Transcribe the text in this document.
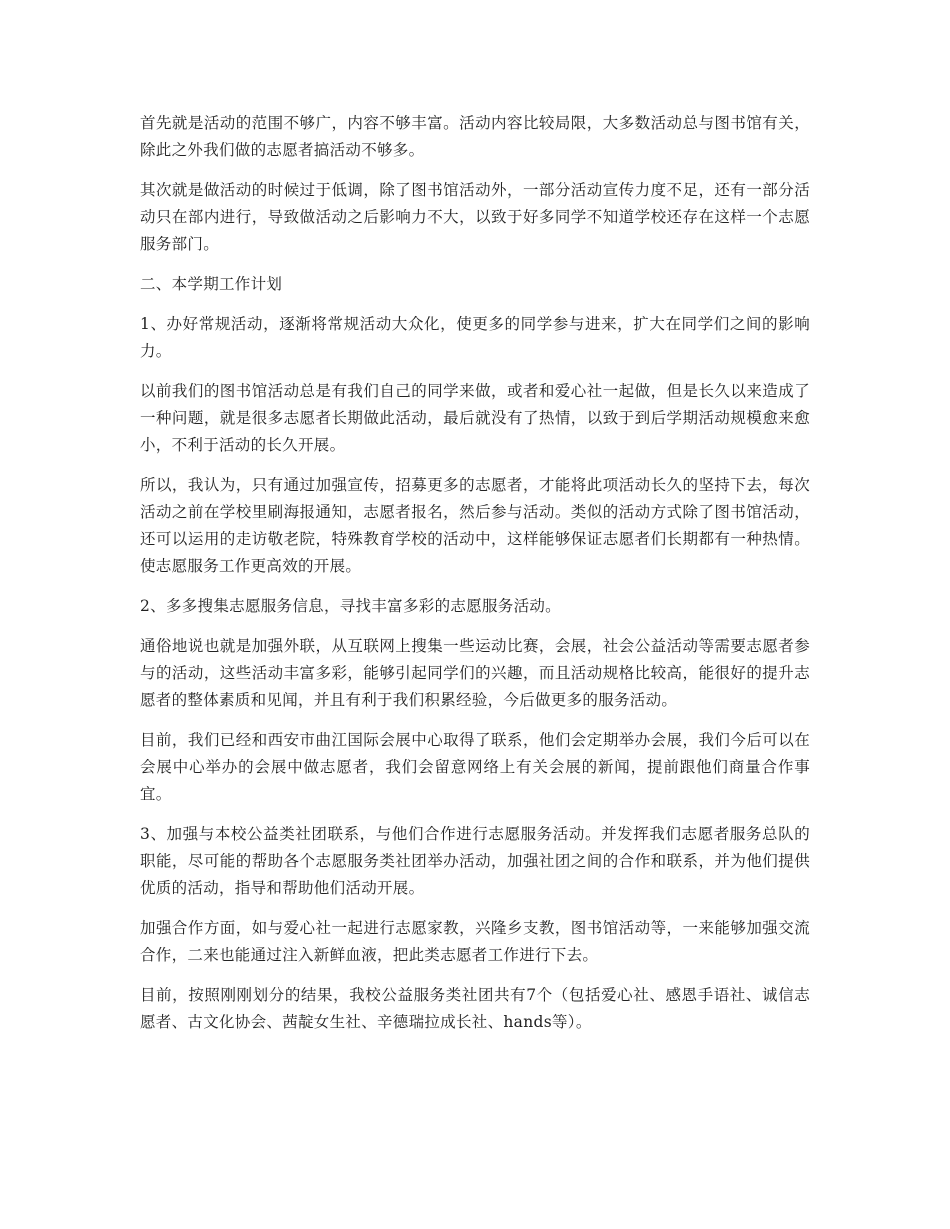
首先就是活动的范围不够广，内容不够丰富。活动内容比较局限，大多数活动总与图书馆有关，除此之外我们做的志愿者搞活动不够多。

其次就是做活动的时候过于低调，除了图书馆活动外，一部分活动宣传力度不足，还有一部分活动只在部内进行，导致做活动之后影响力不大，以致于好多同学不知道学校还存在这样一个志愿服务部门。

二、本学期工作计划

1、办好常规活动，逐渐将常规活动大众化，使更多的同学参与进来，扩大在同学们之间的影响力。

以前我们的图书馆活动总是有我们自己的同学来做，或者和爱心社一起做，但是长久以来造成了一种问题，就是很多志愿者长期做此活动，最后就没有了热情，以致于到后学期活动规模愈来愈小，不利于活动的长久开展。

所以，我认为，只有通过加强宣传，招募更多的志愿者，才能将此项活动长久的坚持下去，每次活动之前在学校里刷海报通知，志愿者报名，然后参与活动。类似的活动方式除了图书馆活动，还可以运用的走访敬老院，特殊教育学校的活动中，这样能够保证志愿者们长期都有一种热情。使志愿服务工作更高效的开展。

2、多多搜集志愿服务信息，寻找丰富多彩的志愿服务活动。

通俗地说也就是加强外联，从互联网上搜集一些运动比赛，会展，社会公益活动等需要志愿者参与的活动，这些活动丰富多彩，能够引起同学们的兴趣，而且活动规格比较高，能很好的提升志愿者的整体素质和见闻，并且有利于我们积累经验，今后做更多的服务活动。

目前，我们已经和西安市曲江国际会展中心取得了联系，他们会定期举办会展，我们今后可以在会展中心举办的会展中做志愿者，我们会留意网络上有关会展的新闻，提前跟他们商量合作事宜。

3、加强与本校公益类社团联系，与他们合作进行志愿服务活动。并发挥我们志愿者服务总队的职能，尽可能的帮助各个志愿服务类社团举办活动，加强社团之间的合作和联系，并为他们提供优质的活动，指导和帮助他们活动开展。

加强合作方面，如与爱心社一起进行志愿家教，兴隆乡支教，图书馆活动等，一来能够加强交流合作，二来也能通过注入新鲜血液，把此类志愿者工作进行下去。

目前，按照刚刚划分的结果，我校公益服务类社团共有7个（包括爱心社、感恩手语社、诚信志愿者、古文化协会、茜靛女生社、辛德瑞拉成长社、hands等）。
